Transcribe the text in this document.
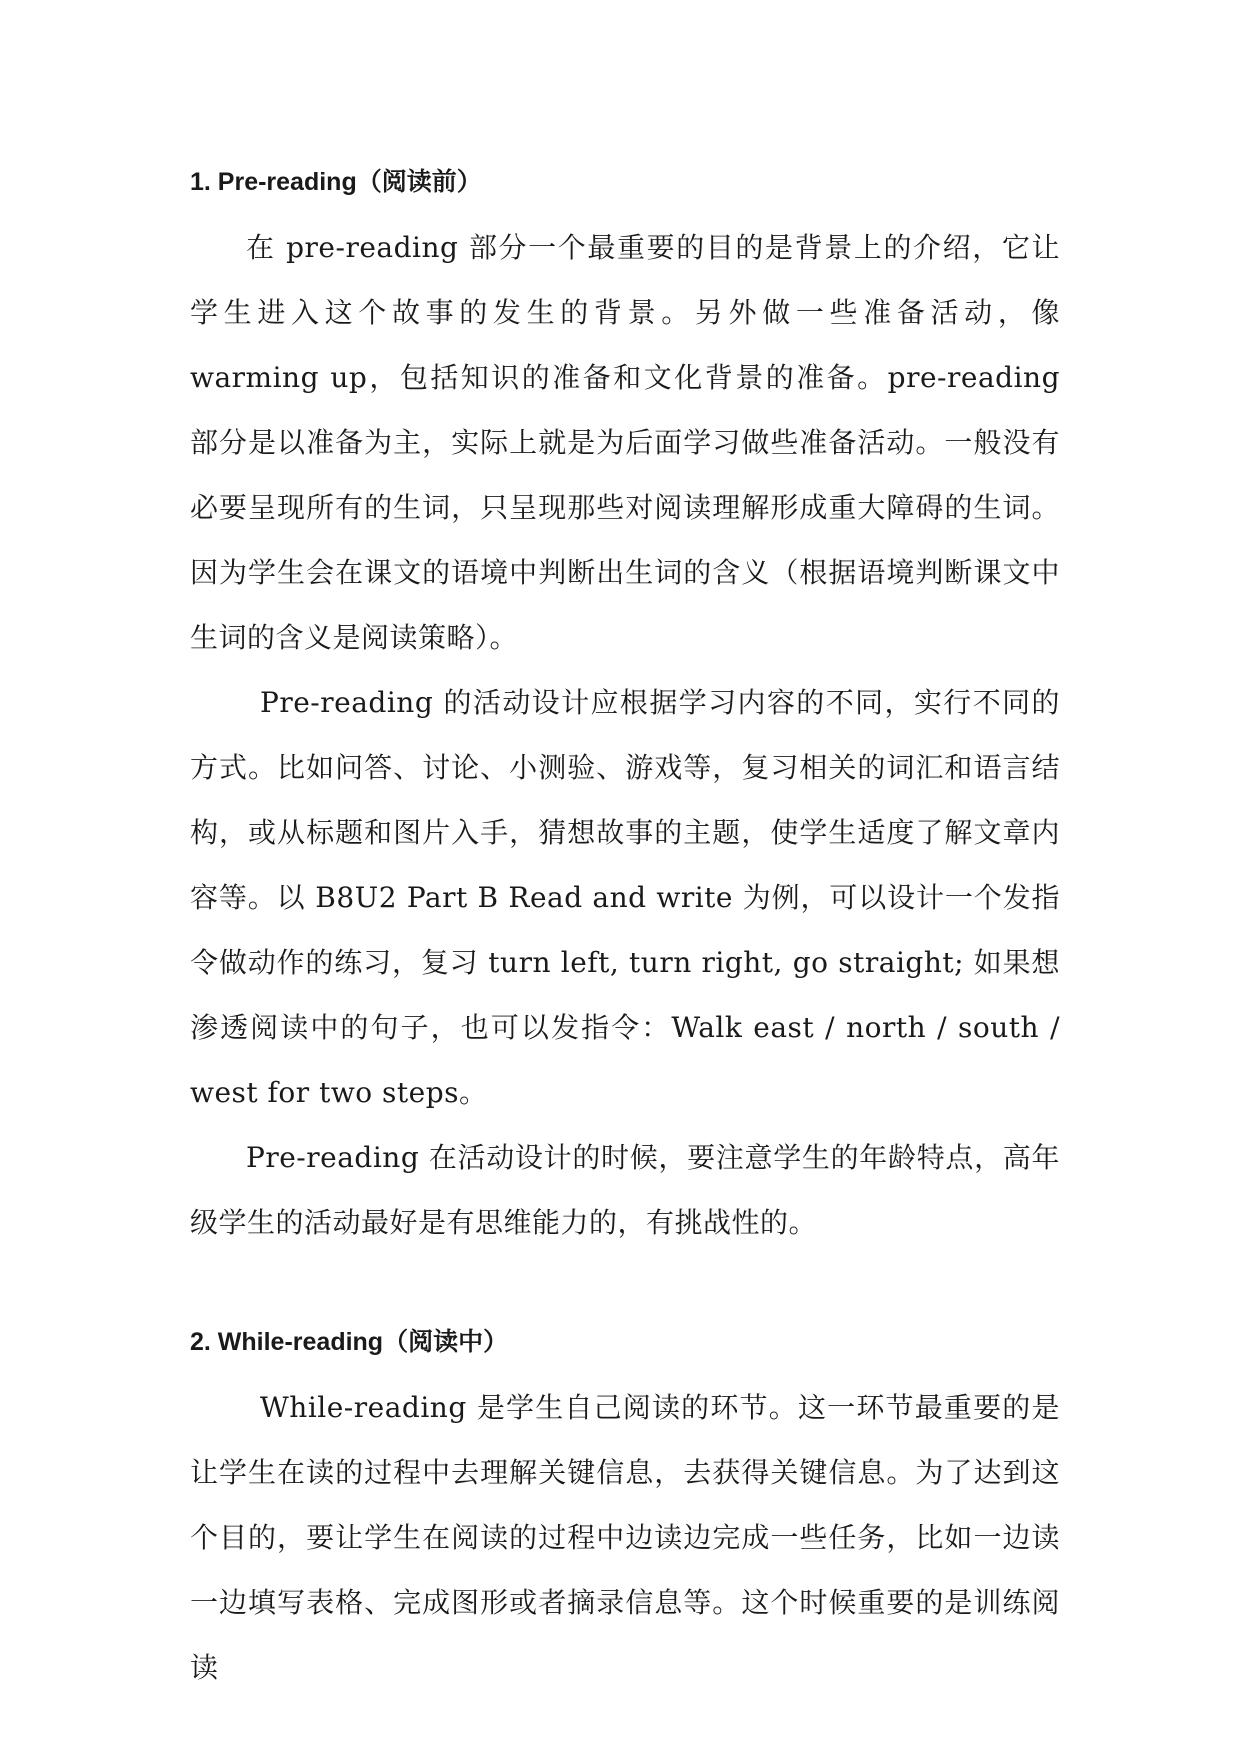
1. Pre-reading（阅读前）

在 pre-reading 部分一个最重要的目的是背景上的介绍，它让学生进入这个故事的发生的背景。另外做一些准备活动，像 warming up，包括知识的准备和文化背景的准备。pre-reading 部分是以准备为主，实际上就是为后面学习做些准备活动。一般没有必要呈现所有的生词，只呈现那些对阅读理解形成重大障碍的生词。因为学生会在课文的语境中判断出生词的含义（根据语境判断课文中生词的含义是阅读策略）。

Pre-reading 的活动设计应根据学习内容的不同，实行不同的方式。比如问答、讨论、小测验、游戏等，复习相关的词汇和语言结构，或从标题和图片入手，猜想故事的主题，使学生适度了解文章内容等。以 B8U2 Part B Read and write 为例，可以设计一个发指令做动作的练习，复习 turn left, turn right, go straight; 如果想渗透阅读中的句子，也可以发指令：Walk east / north / south / west for two steps。

Pre-reading 在活动设计的时候，要注意学生的年龄特点，高年级学生的活动最好是有思维能力的，有挑战性的。

2. While-reading（阅读中）

While-reading 是学生自己阅读的环节。这一环节最重要的是让学生在读的过程中去理解关键信息，去获得关键信息。为了达到这个目的，要让学生在阅读的过程中边读边完成一些任务，比如一边读一边填写表格、完成图形或者摘录信息等。这个时候重要的是训练阅读
